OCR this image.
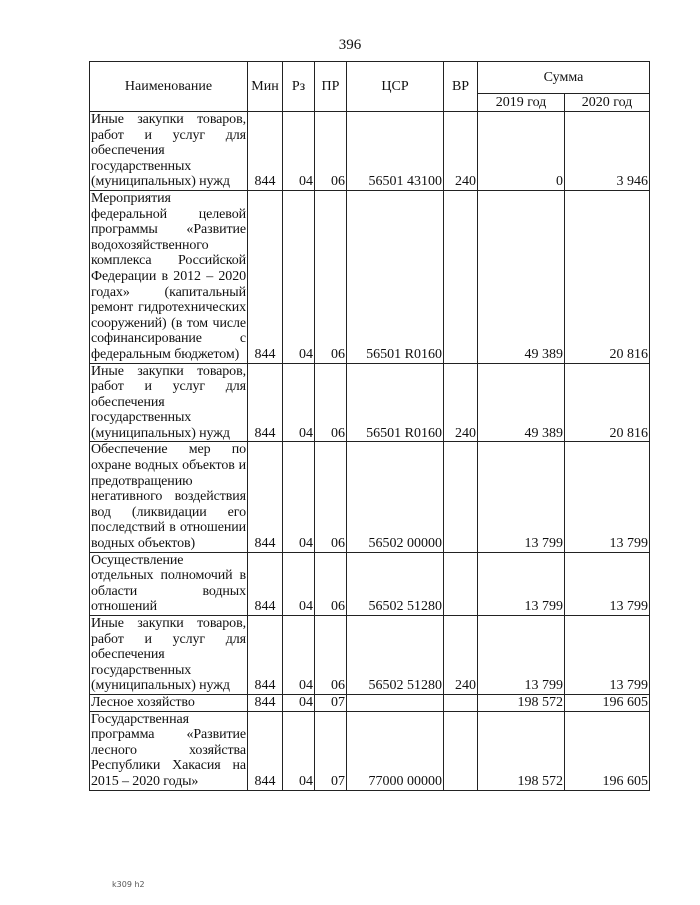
396
Наименование	Мин	Рз	ПР	ЦСР	ВР	Сумма	
						2019 год	2020 год
Иные закупки товаров, работ и услуг для обеспечения государственных (муниципальных) нужд	844	04	06	56501 43100	240	0	3 946
Мероприятия федеральной целевой программы «Развитие водохозяйственного комплекса Российской Федерации в 2012 – 2020 годах» (капитальный ремонт гидротехнических сооружений) (в том числе софинансирование с федеральным бюджетом)	844	04	06	56501 R0160		49 389	20 816
Иные закупки товаров, работ и услуг для обеспечения государственных (муниципальных) нужд	844	04	06	56501 R0160	240	49 389	20 816
Обеспечение мер по охране водных объектов и предотвращению негативного воздействия вод (ликвидации его последствий в отношении водных объектов)	844	04	06	56502 00000		13 799	13 799
Осуществление отдельных полномочий в области водных отношений	844	04	06	56502 51280		13 799	13 799
Иные закупки товаров, работ и услуг для обеспечения государственных (муниципальных) нужд	844	04	06	56502 51280	240	13 799	13 799
Лесное хозяйство	844	04	07			198 572	196 605
Государственная программа «Развитие лесного хозяйства Республики Хакасия на 2015 – 2020 годы»	844	04	07	77000 00000		198 572	196 605
k309 h2
